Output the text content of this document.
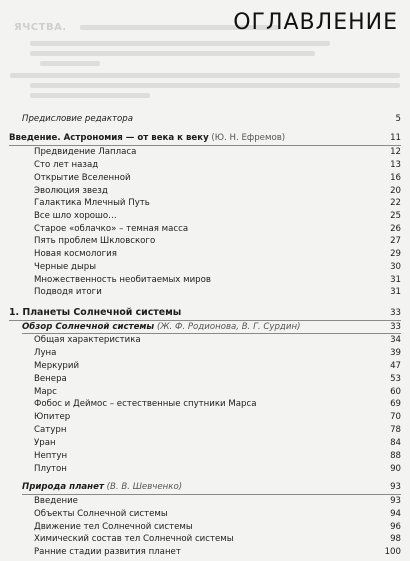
ЯЧСТВА.	ОГЛАВЛЕНИЕ
Предисловие редактора	5
Введение. Астрономия — от века к веку (Ю. Н. Ефремов)	11
Предвидение Лапласа	12
Сто лет назад	13
Открытие Вселенной	16
Эволюция звезд	20
Галактика Млечный Путь	22
Все шло хорошо…	25
Старое «облачко» – темная масса	26
Пять проблем Шкловского	27
Новая космология	29
Черные дыры	30
Множественность необитаемых миров	31
Подводя итоги	31
1. Планеты Солнечной системы	33
Обзор Солнечной системы (Ж. Ф. Родионова, В. Г. Сурдин)	33
Общая характеристика	34
Луна	39
Меркурий	47
Венера	53
Марс	60
Фобос и Деймос – естественные спутники Марса	69
Юпитер	70
Сатурн	78
Уран	84
Нептун	88
Плутон	90
Природа планет (В. В. Шевченко)	93
Введение	93
Объекты Солнечной системы	94
Движение тел Солнечной системы	96
Химический состав тел Солнечной системы	98
Ранние стадии развития планет	100
